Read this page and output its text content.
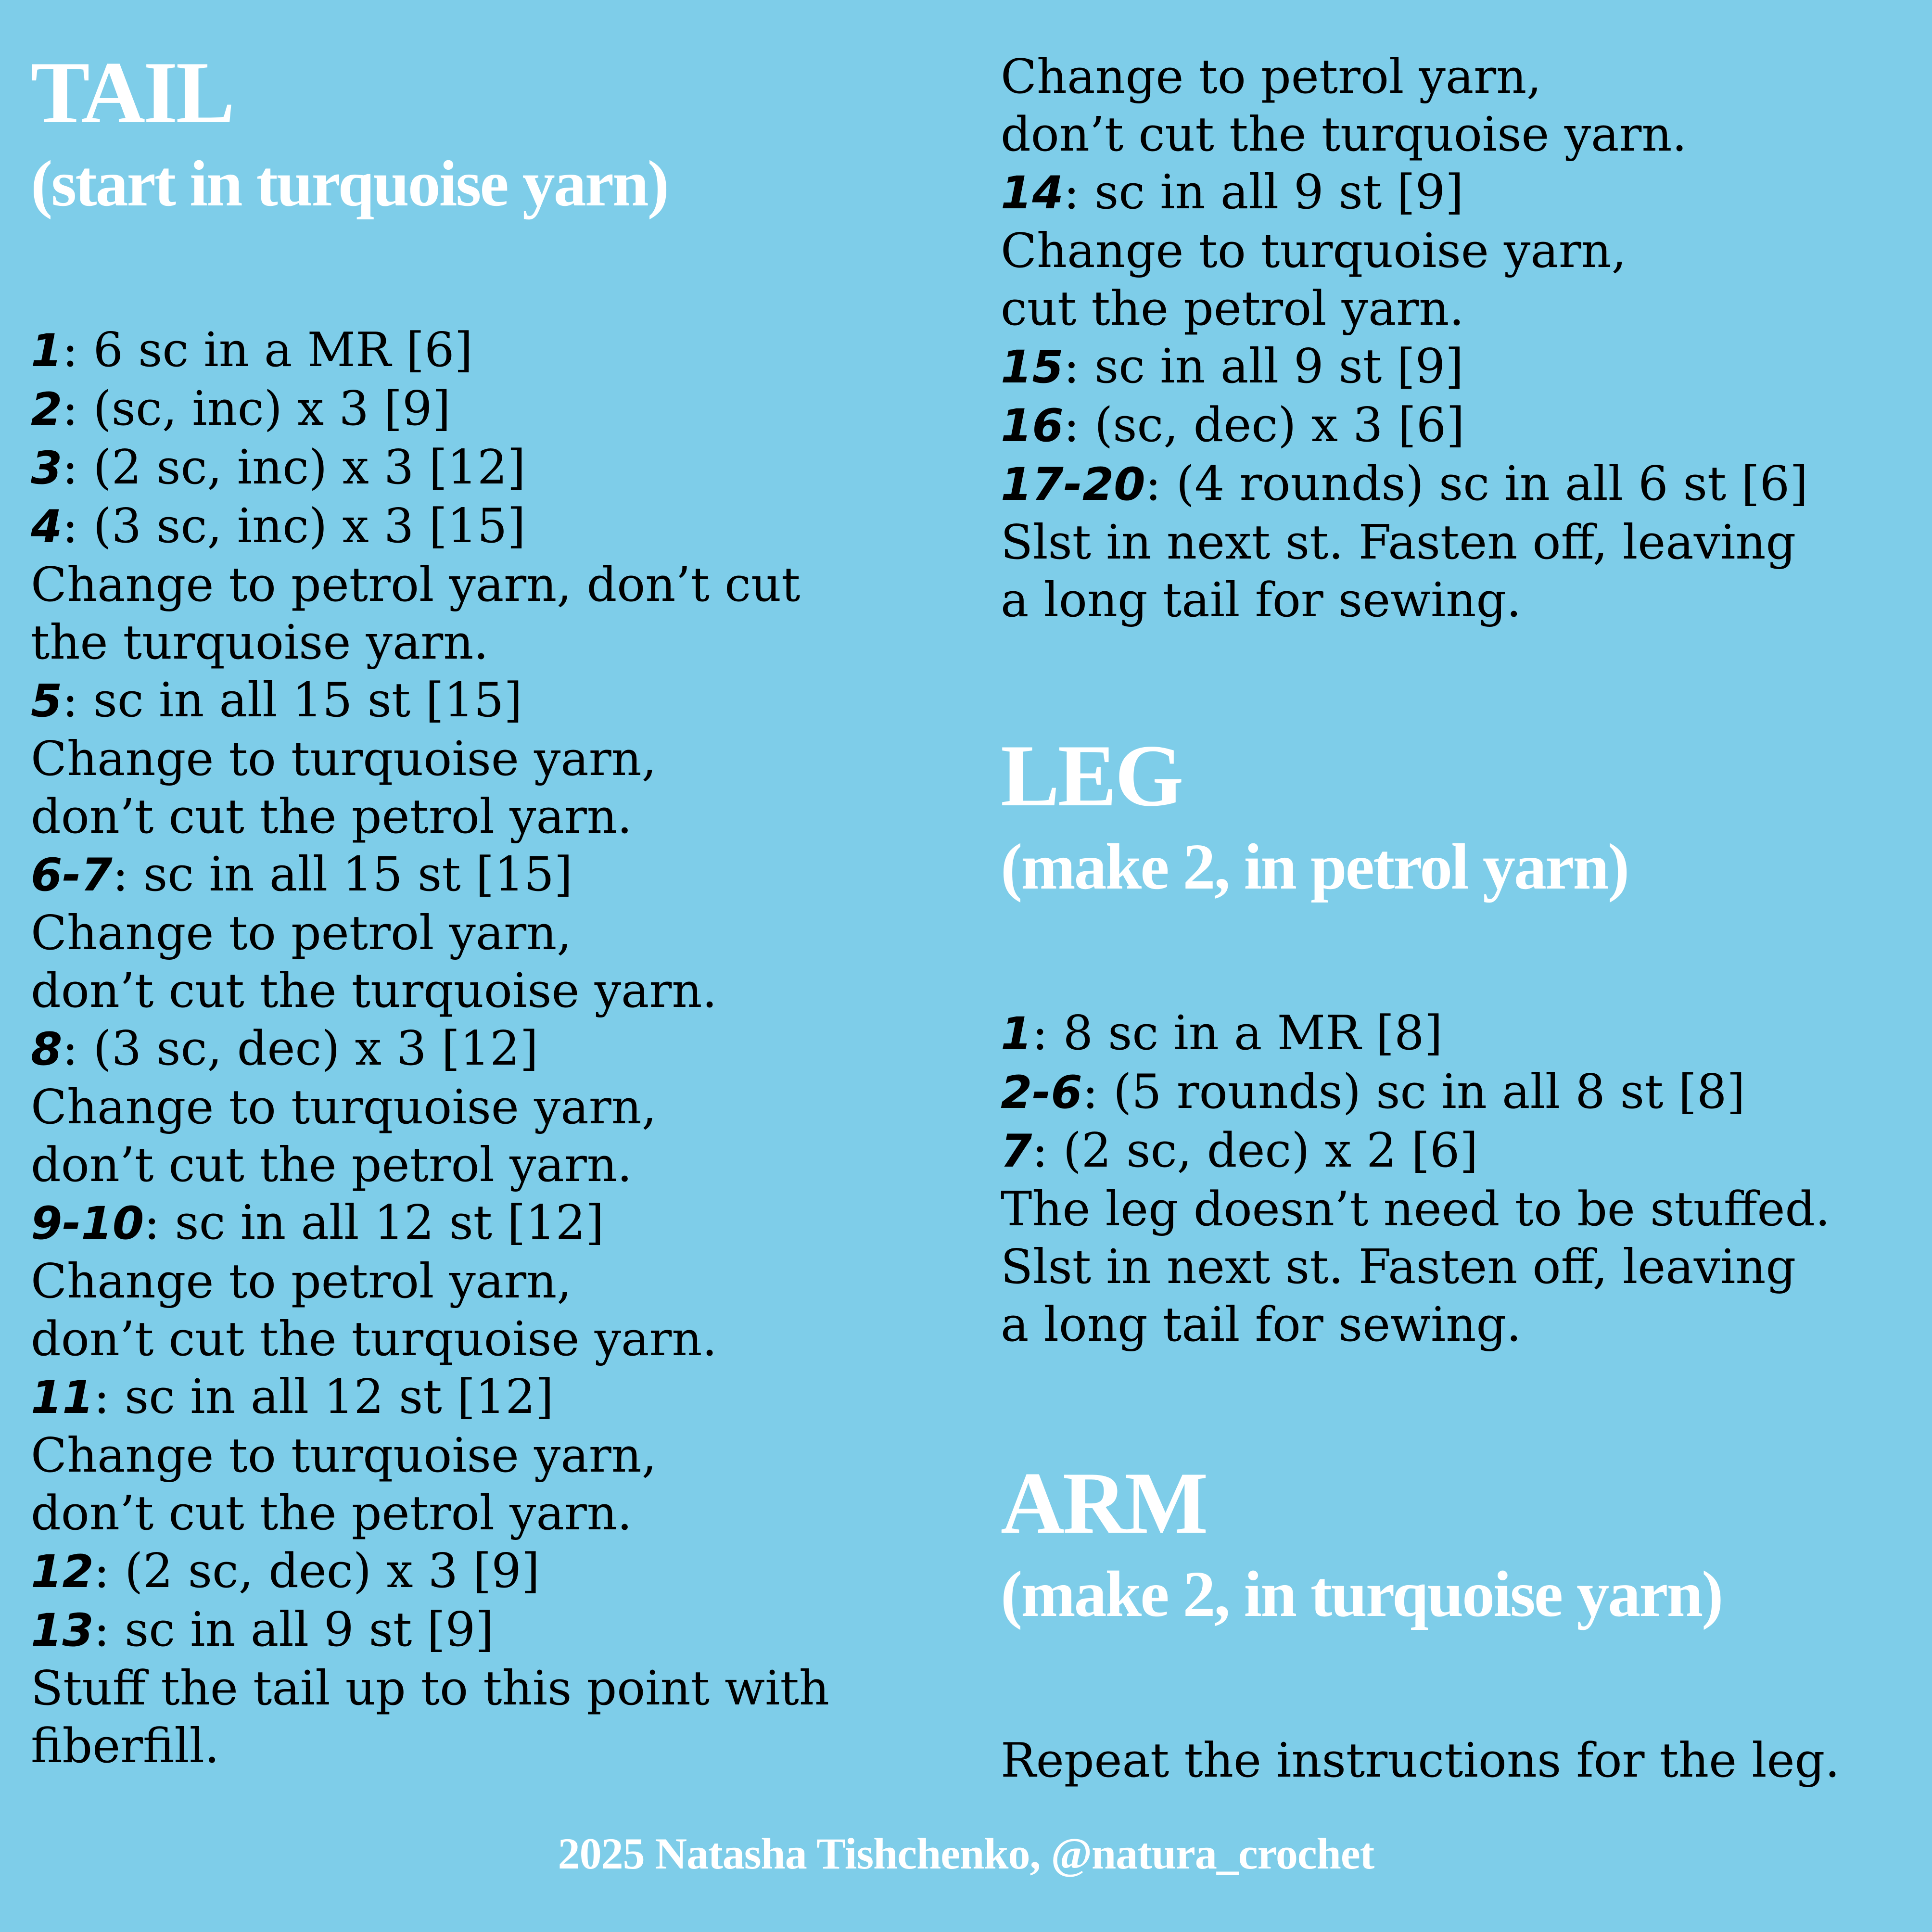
TAIL
(start in turquoise yarn)
1: 6 sc in a MR [6]
2: (sc, inc) x 3 [9]
3: (2 sc, inc) x 3 [12]
4: (3 sc, inc) x 3 [15]
Change to petrol yarn, don’t cut
the turquoise yarn.
5: sc in all 15 st [15]
Change to turquoise yarn,
don’t cut the petrol yarn.
6-7: sc in all 15 st [15]
Change to petrol yarn,
don’t cut the turquoise yarn.
8: (3 sc, dec) x 3 [12]
Change to turquoise yarn,
don’t cut the petrol yarn.
9-10: sc in all 12 st [12]
Change to petrol yarn,
don’t cut the turquoise yarn.
11: sc in all 12 st [12]
Change to turquoise yarn,
don’t cut the petrol yarn.
12: (2 sc, dec) x 3 [9]
13: sc in all 9 st [9]
Stuff the tail up to this point with
fiberfill.
Change to petrol yarn,
don’t cut the turquoise yarn.
14: sc in all 9 st [9]
Change to turquoise yarn,
cut the petrol yarn.
15: sc in all 9 st [9]
16: (sc, dec) x 3 [6]
17-20: (4 rounds) sc in all 6 st [6]
Slst in next st. Fasten off, leaving
a long tail for sewing.
LEG
(make 2, in petrol yarn)
1: 8 sc in a MR [8]
2-6: (5 rounds) sc in all 8 st [8]
7: (2 sc, dec) x 2 [6]
The leg doesn’t need to be stuffed.
Slst in next st. Fasten off, leaving
a long tail for sewing.
ARM
(make 2, in turquoise yarn)
Repeat the instructions for the leg.
2025 Natasha Tishchenko, @natura_crochet
